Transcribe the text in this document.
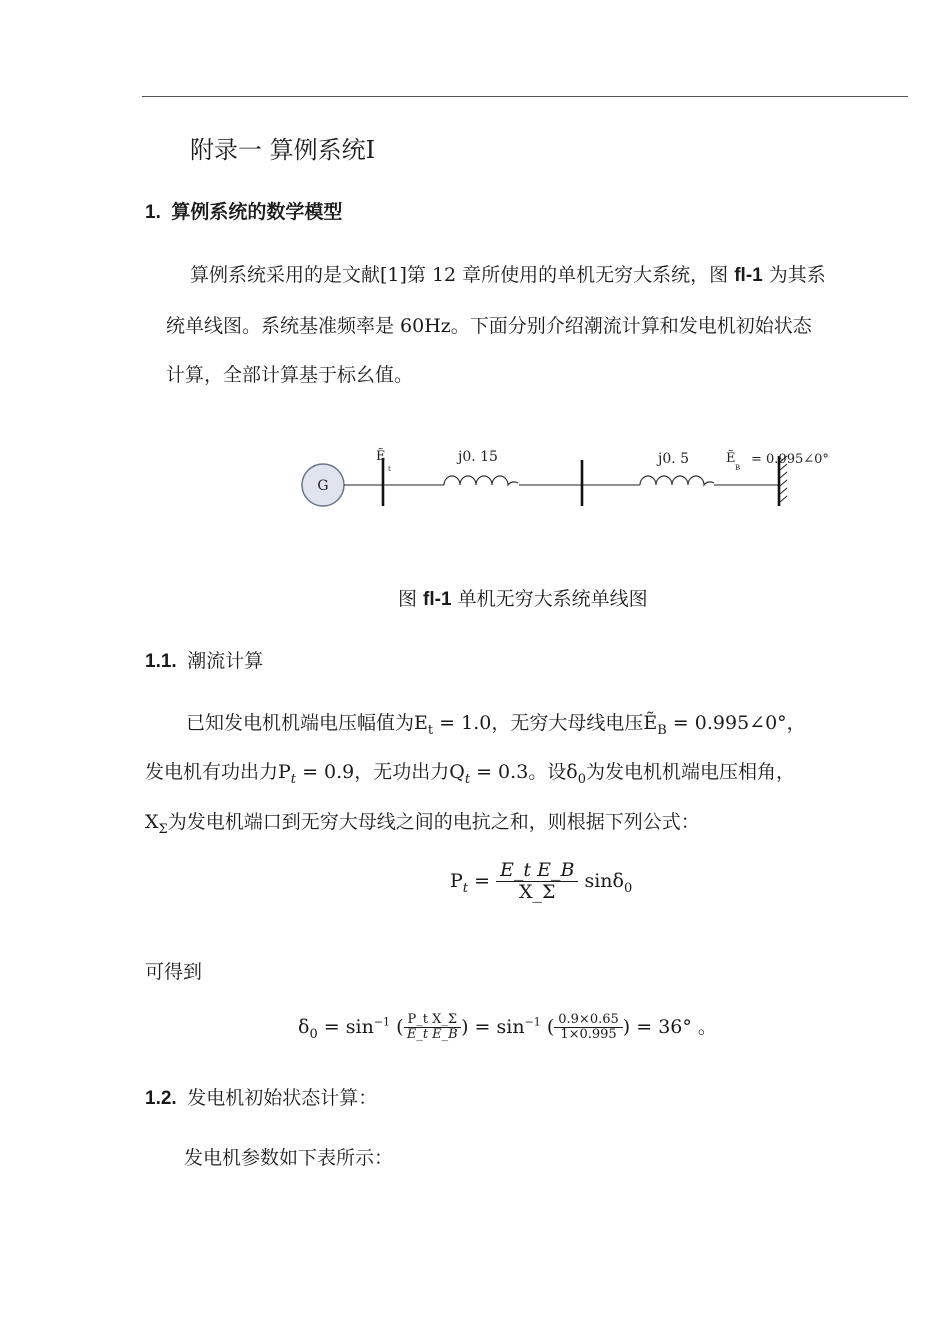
附录一 算例系统Ⅰ
1. 算例系统的数学模型
算例系统采用的是文献[1]第 12 章所使用的单机无穷大系统，图 fl-1 为其系
统单线图。系统基准频率是 60Hz。下面分别介绍潮流计算和发电机初始状态
计算，全部计算基于标幺值。
G
Ẽ
t
j0. 15	j0. 5	Ẽ
B
= 0.995∠0°
图 fl-1 单机无穷大系统单线图
1.1. 潮流计算
已知发电机机端电压幅值为$E_t = 1.0$，无穷大母线电压Ẽ$_B$ = 0.995∠0°，
发电机有功出力$P_t = 0.9$，无功出力$Q_t = 0.3$。设$\delta_0$为发电机机端电压相角，
$X_\Sigma$为发电机端口到无穷大母线之间的电抗之和，则根据下列公式：
$P_t = \frac{\text{E\_t E\_B}}{X\_\Sigma} \sin\delta_0$
可得到
$\delta_0 = \sin^{-1}$ ( $\frac{\text{P\_t X\_Σ}}{\text{E\_t E\_B}}$ ) = $\sin^{-1}$ ( $\frac{0.9\times 0.65}{1\times 0.995}$ ) = 36° 。
1.2. 发电机初始状态计算：
发电机参数如下表所示：
